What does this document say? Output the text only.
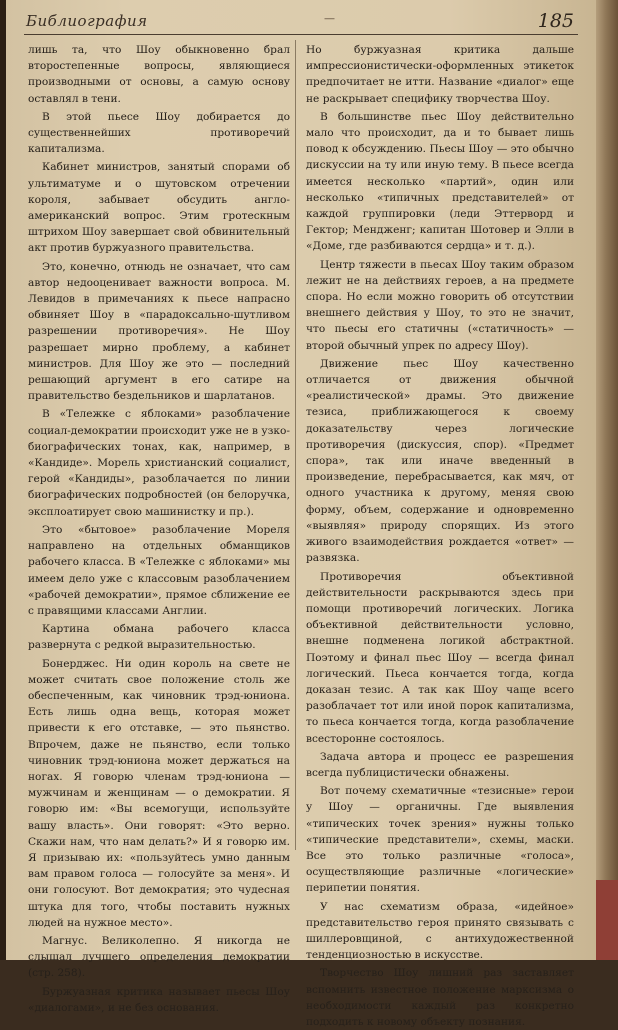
Библиография	—	185

лишь та, что Шоу обыкновенно брал второстепенные вопросы, являющиеся производными от основы, а самую основу оставлял в тени.

В этой пьесе Шоу добирается до существеннейших противоречий капитализма.

Кабинет министров, занятый спорами об ультиматуме и о шутовском отречении короля, забывает обсудить англо-американский вопрос. Этим гротескным штрихом Шоу завершает свой обвинительный акт против буржуазного правительства.

Это, конечно, отнюдь не означает, что сам автор недооценивает важности вопроса. М. Левидов в примечаниях к пьесе напрасно обвиняет Шоу в «парадоксально-шутливом разрешении противоречия». Не Шоу разрешает мирно проблему, а кабинет министров. Для Шоу же это — последний решающий аргумент в его сатире на правительство бездельников и шарлатанов.

В «Тележке с яблоками» разоблачение социал-демократии происходит уже не в узко-биографических тонах, как, например, в «Кандиде». Морель христианский социалист, герой «Кандиды», разоблачается по линии биографических подробностей (он белоручка, эксплоатирует свою машинистку и пр.).

Это «бытовое» разоблачение Мореля направлено на отдельных обманщиков рабочего класса. В «Тележке с яблоками» мы имеем дело уже с классовым разоблачением «рабочей демократии», прямое сближение ее с правящими классами Англии.

Картина обмана рабочего класса развернута с редкой выразительностью.

Бонерджес. Ни один король на свете не может считать свое положение столь же обеспеченным, как чиновник трэд-юниона. Есть лишь одна вещь, которая может привести к его отставке, — это пьянство. Впрочем, даже не пьянство, если только чиновник трэд-юниона может держаться на ногах. Я говорю членам трэд-юниона — мужчинам и женщинам — о демократии. Я говорю им: «Вы всемогущи, используйте вашу власть». Они говорят: «Это верно. Скажи нам, что нам делать?» И я говорю им. Я призываю их: «пользуйтесь умно данным вам правом голоса — голосуйте за меня». И они голосуют. Вот демократия; это чудесная штука для того, чтобы поставить нужных людей на нужное место».

Магнус. Великолепно. Я никогда не слышал лучшего определения демократии (стр. 258).

Буржуазная критика называет пьесы Шоу «диалогами», и не без основания.

Но буржуазная критика дальше импрессионистически-оформленных этикеток предпочитает не итти. Название «диалог» еще не раскрывает специфику творчества Шоу.

В большинстве пьес Шоу действительно мало что происходит, да и то бывает лишь повод к обсуждению. Пьесы Шоу — это обычно дискуссии на ту или иную тему. В пьесе всегда имеется несколько «партий», один или несколько «типичных представителей» от каждой группировки (леди Эттерворд и Гектор; Мендженг; капитан Шотовер и Элли в «Доме, где разбиваются сердца» и т. д.).

Центр тяжести в пьесах Шоу таким образом лежит не на действиях героев, а на предмете спора. Но если можно говорить об отсутствии внешнего действия у Шоу, то это не значит, что пьесы его статичны («статичность» — второй обычный упрек по адресу Шоу).

Движение пьес Шоу качественно отличается от движения обычной «реалистической» драмы. Это движение тезиса, приближающегося к своему доказательству через логические противоречия (дискуссия, спор). «Предмет спора», так или иначе введенный в произведение, перебрасывается, как мяч, от одного участника к другому, меняя свою форму, объем, содержание и одновременно «выявляя» природу спорящих. Из этого живого взаимодействия рождается «ответ» — развязка.

Противоречия объективной действительности раскрываются здесь при помощи противоречий логических. Логика объективной действительности условно, внешне подменена логикой абстрактной. Поэтому и финал пьес Шоу — всегда финал логический. Пьеса кончается тогда, когда доказан тезис. А так как Шоу чаще всего разоблачает тот или иной порок капитализма, то пьеса кончается тогда, когда разоблачение всесторонне состоялось.

Задача автора и процесс ее разрешения всегда публицистически обнажены.

Вот почему схематичные «тезисные» герои у Шоу — органичны. Где выявления «типических точек зрения» нужны только «типические представители», схемы, маски. Все это только различные «голоса», осуществляющие различные «логические» перипетии понятия.

У нас схематизм образа, «идейное» представительство героя принято связывать с шиллеровщиной, с антихудожественной тенденциозностью в искусстве.

Творчество Шоу лишний раз заставляет вспомнить известное положение марксизма о необходимости каждый раз конкретно подходить к новому объекту познания.
